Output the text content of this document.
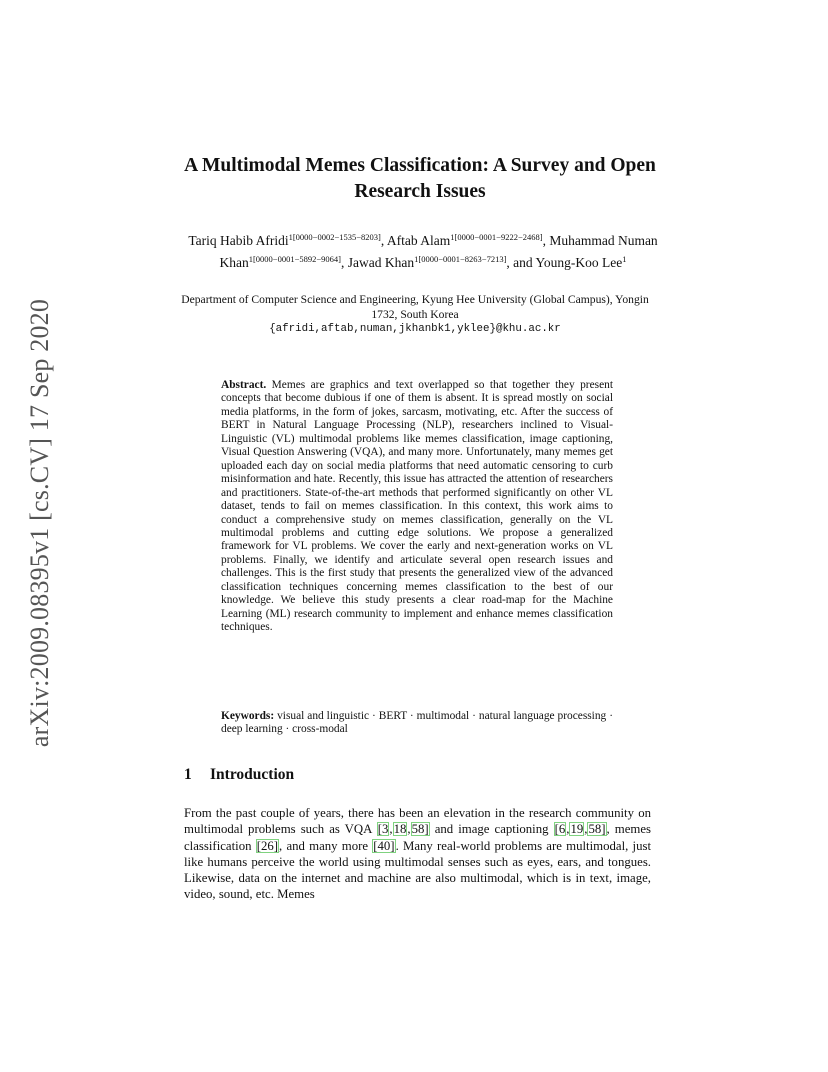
arXiv:2009.08395v1 [cs.CV] 17 Sep 2020
A Multimodal Memes Classification: A Survey and Open Research Issues
Tariq Habib Afridi$^{1[0000-0002-1535-8203]}$, Aftab Alam$^{1[0000-0001-9222-2468]}$, Muhammad Numan Khan$^{1[0000-0001-5892-9064]}$, Jawad Khan$^{1[0000-0001-8263-7213]}$, and Young-Koo Lee$^1$
Department of Computer Science and Engineering, Kyung Hee University (Global Campus), Yongin 1732, South Korea
{afridi,aftab,numan,jkhanbk1,yklee}@khu.ac.kr
Abstract. Memes are graphics and text overlapped so that together they present concepts that become dubious if one of them is absent. It is spread mostly on social media platforms, in the form of jokes, sarcasm, motivating, etc. After the success of BERT in Natural Language Processing (NLP), researchers inclined to Visual-Linguistic (VL) multimodal problems like memes classification, image captioning, Visual Question Answering (VQA), and many more. Unfortunately, many memes get uploaded each day on social media platforms that need automatic censoring to curb misinformation and hate. Recently, this issue has attracted the attention of researchers and practitioners. State-of-the-art methods that performed significantly on other VL dataset, tends to fail on memes classification. In this context, this work aims to conduct a comprehensive study on memes classification, generally on the VL multimodal problems and cutting edge solutions. We propose a generalized framework for VL problems. We cover the early and next-generation works on VL problems. Finally, we identify and articulate several open research issues and challenges. This is the first study that presents the generalized view of the advanced classification techniques concerning memes classification to the best of our knowledge. We believe this study presents a clear road-map for the Machine Learning (ML) research community to implement and enhance memes classification techniques.
Keywords: visual and linguistic · BERT · multimodal · natural language processing · deep learning · cross-modal
1 Introduction
From the past couple of years, there has been an elevation in the research community on multimodal problems such as VQA [3,18,58] and image captioning [6,19,58], memes classification [26], and many more [40]. Many real-world problems are multimodal, just like humans perceive the world using multimodal senses such as eyes, ears, and tongues. Likewise, data on the internet and machine are also multimodal, which is in text, image, video, sound, etc. Memes
